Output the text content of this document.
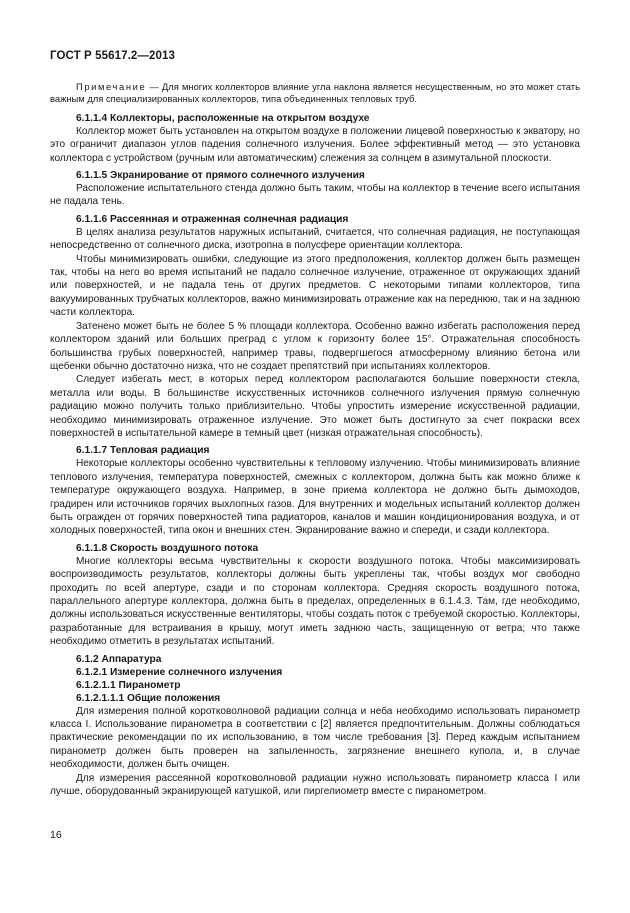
ГОСТ Р 55617.2—2013

Примечание — Для многих коллекторов влияние угла наклона является несущественным, но это может стать важным для специализированных коллекторов, типа объединенных тепловых труб.

6.1.1.4 Коллекторы, расположенные на открытом воздухе

Коллектор может быть установлен на открытом воздухе в положении лицевой поверхностью к экватору, но это ограничит диапазон углов падения солнечного излучения. Более эффективный метод — это установка коллектора с устройством (ручным или автоматическим) слежения за солнцем в азимутальной плоскости.

6.1.1.5 Экранирование от прямого солнечного излучения

Расположение испытательного стенда должно быть таким, чтобы на коллектор в течение всего испытания не падала тень.

6.1.1.6 Рассеянная и отраженная солнечная радиация

В целях анализа результатов наружных испытаний, считается, что солнечная радиация, не поступающая непосредственно от солнечного диска, изотропна в полусфере ориентации коллектора.

Чтобы минимизировать ошибки, следующие из этого предположения, коллектор должен быть размещен так, чтобы на него во время испытаний не падало солнечное излучение, отраженное от окружающих зданий или поверхностей, и не падала тень от других предметов. С некоторыми типами коллекторов, типа вакуумированных трубчатых коллекторов, важно минимизировать отражение как на переднюю, так и на заднюю части коллектора.

Затенено может быть не более 5 % площади коллектора. Особенно важно избегать расположения перед коллектором зданий или больших преград с углом к горизонту более 15°. Отражательная способность большинства грубых поверхностей, например травы, подвергшегося атмосферному влиянию бетона или щебенки обычно достаточно низка, что не создает препятствий при испытаниях коллекторов.

Следует избегать мест, в которых перед коллектором располагаются большие поверхности стекла, металла или воды. В большинстве искусственных источников солнечного излучения прямую солнечную радиацию можно получить только приблизительно. Чтобы упростить измерение искусственной радиации, необходимо минимизировать отраженное излучение. Это может быть достигнуто за счет покраски всех поверхностей в испытательной камере в темный цвет (низкая отражательная способность).

6.1.1.7 Тепловая радиация

Некоторые коллекторы особенно чувствительны к тепловому излучению. Чтобы минимизировать влияние теплового излучения, температура поверхностей, смежных с коллектором, должна быть как можно ближе к температуре окружающего воздуха. Например, в зоне приема коллектора не должно быть дымоходов, градирен или источников горячих выхлопных газов. Для внутренних и модельных испытаний коллектор должен быть огражден от горячих поверхностей типа радиаторов, каналов и машин кондиционирования воздуха, и от холодных поверхностей, типа окон и внешних стен. Экранирование важно и спереди, и сзади коллектора.

6.1.1.8 Скорость воздушного потока

Многие коллекторы весьма чувствительны к скорости воздушного потока. Чтобы максимизировать воспроизводимость результатов, коллекторы должны быть укреплены так, чтобы воздух мог свободно проходить по всей апертуре, сзади и по сторонам коллектора. Средняя скорость воздушного потока, параллельного апертуре коллектора, должна быть в пределах, определенных в 6.1.4.3. Там, где необходимо, должны использоваться искусственные вентиляторы, чтобы создать поток с требуемой скоростью. Коллекторы, разработанные для встраивания в крышу, могут иметь заднюю часть, защищенную от ветра; что также необходимо отметить в результатах испытаний.

6.1.2 Аппаратура
6.1.2.1 Измерение солнечного излучения
6.1.2.1.1 Пиранометр
6.1.2.1.1.1 Общие положения

Для измерения полной коротковолновой радиации солнца и неба необходимо использовать пиранометр класса I. Использование пиранометра в соответствии с [2] является предпочтительным. Должны соблюдаться практические рекомендации по их использованию, в том числе требования [3]. Перед каждым испытанием пиранометр должен быть проверен на запыленность, загрязнение внешнего купола, и, в случае необходимости, должен быть очищен.

Для измерения рассеянной коротковолновой радиации нужно использовать пиранометр класса I или лучше, оборудованный экранирующей катушкой, или пиргелиометр вместе с пиранометром.

16
